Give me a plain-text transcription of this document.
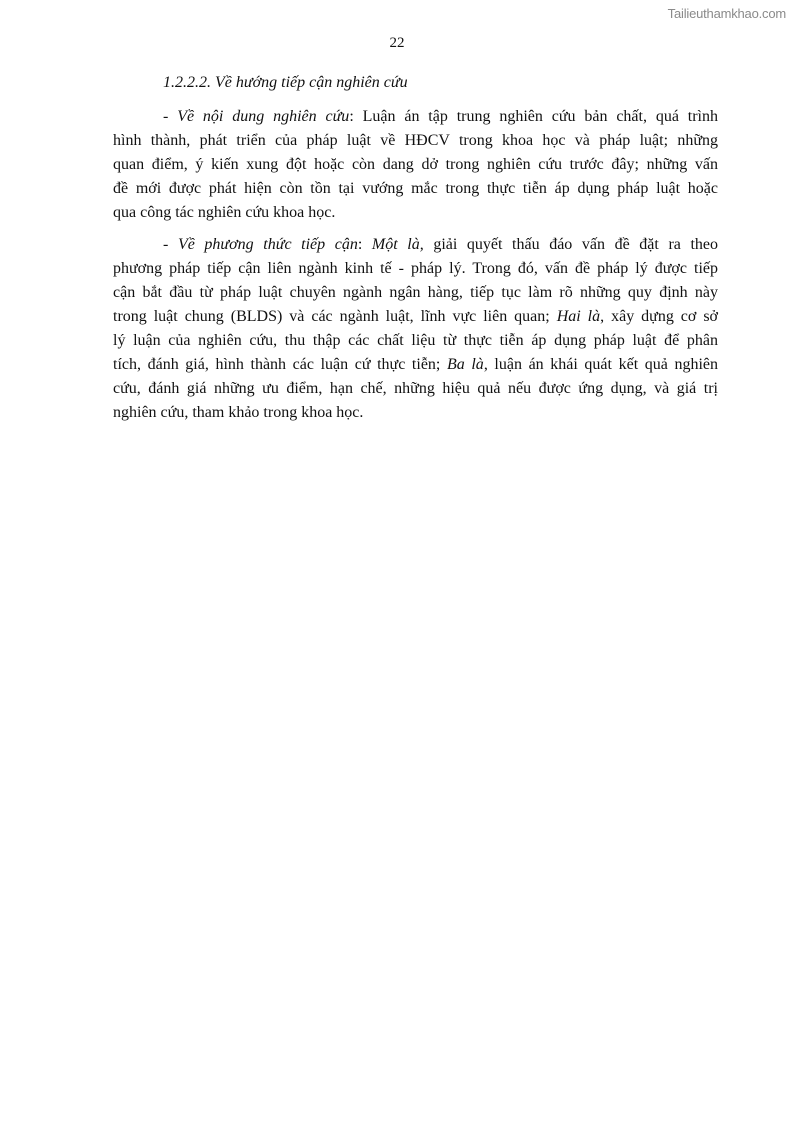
Tailieuthamkhao.com
22
1.2.2.2. Về hướng tiếp cận nghiên cứu
- Về nội dung nghiên cứu: Luận án tập trung nghiên cứu bản chất, quá trình
hình thành, phát triển của pháp luật về HĐCV trong khoa học và pháp luật; những
quan điểm, ý kiến xung đột hoặc còn dang dở trong nghiên cứu trước đây; những vấn
đề mới được phát hiện còn tồn tại vướng mắc trong thực tiễn áp dụng pháp luật hoặc
qua công tác nghiên cứu khoa học.
- Về phương thức tiếp cận: Một là, giải quyết thấu đáo vấn đề đặt ra theo
phương pháp tiếp cận liên ngành kinh tế - pháp lý. Trong đó, vấn đề pháp lý được tiếp
cận bắt đầu từ pháp luật chuyên ngành ngân hàng, tiếp tục làm rõ những quy định này
trong luật chung (BLDS) và các ngành luật, lĩnh vực liên quan; Hai là, xây dựng cơ sở
lý luận của nghiên cứu, thu thập các chất liệu từ thực tiễn áp dụng pháp luật để phân
tích, đánh giá, hình thành các luận cứ thực tiễn; Ba là, luận án khái quát kết quả nghiên
cứu, đánh giá những ưu điểm, hạn chế, những hiệu quả nếu được ứng dụng, và giá trị
nghiên cứu, tham khảo trong khoa học.
